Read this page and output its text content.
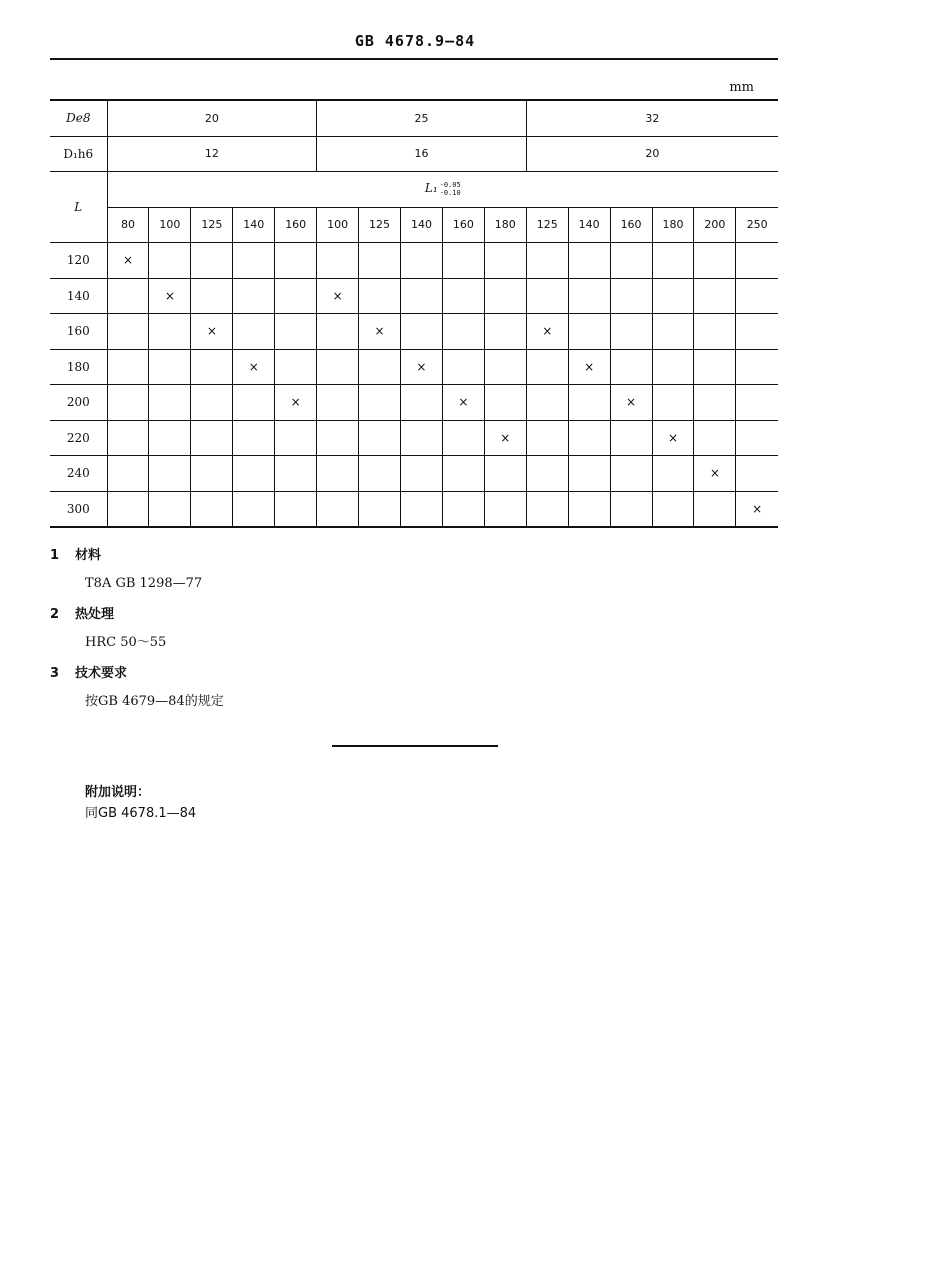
GB 4678.9—84
mm
De8	20					25					32					
D₁h6	12					16					20					
L	L₁ -0.05
-0.10															
	80	100	125	140	160	100	125	140	160	180	125	140	160	180	200	250
120	×															
140		×				×										
160			×				×				×					
180				×				×				×				
200					×				×				×			
220										×				×		
240															×	
300																×
1 材料
T8A GB 1298—77
2 热处理
HRC 50～55
3 技术要求
按GB 4679—84的规定
附加说明：
同GB 4678.1—84
